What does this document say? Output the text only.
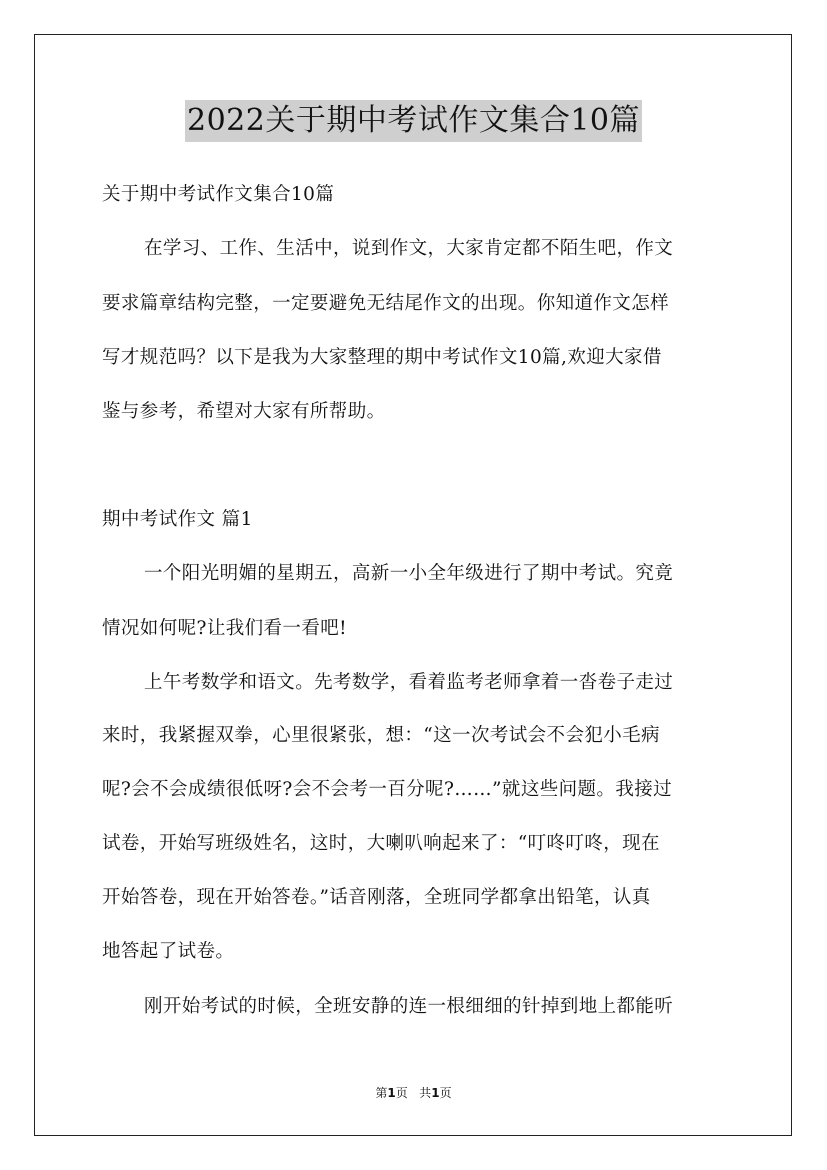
2022关于期中考试作文集合10篇
关于期中考试作文集合10篇
在学习、工作、生活中，说到作文，大家肯定都不陌生吧，作文
要求篇章结构完整，一定要避免无结尾作文的出现。你知道作文怎样
写才规范吗？以下是我为大家整理的期中考试作文10篇,欢迎大家借
鉴与参考，希望对大家有所帮助。
期中考试作文 篇1
一个阳光明媚的星期五，高新一小全年级进行了期中考试。究竟
情况如何呢?让我们看一看吧!
上午考数学和语文。先考数学，看着监考老师拿着一沓卷子走过
来时，我紧握双拳，心里很紧张，想：“这一次考试会不会犯小毛病
呢?会不会成绩很低呀?会不会考一百分呢?……”就这些问题。我接过
试卷，开始写班级姓名，这时，大喇叭响起来了：“叮咚叮咚，现在
开始答卷，现在开始答卷。”话音刚落，全班同学都拿出铅笔，认真
地答起了试卷。
刚开始考试的时候，全班安静的连一根细细的针掉到地上都能听
第1页 共1页
